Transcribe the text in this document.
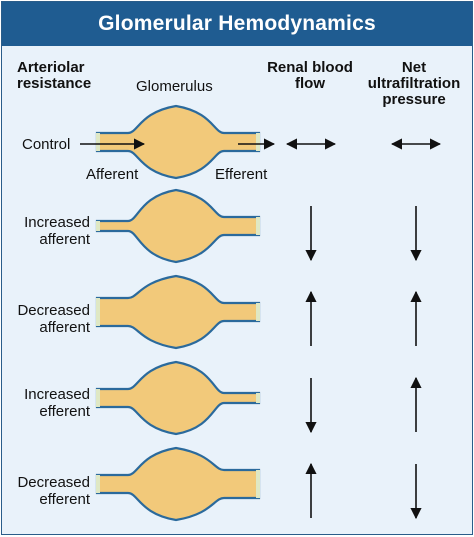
Glomerular Hemodynamics
Arteriolar
resistance	Glomerulus
Renal blood
flow
Net
ultrafiltration
pressure
Control
Increased
afferent
Decreased
afferent
Increased
efferent
Decreased
efferent
Afferent	Efferent
